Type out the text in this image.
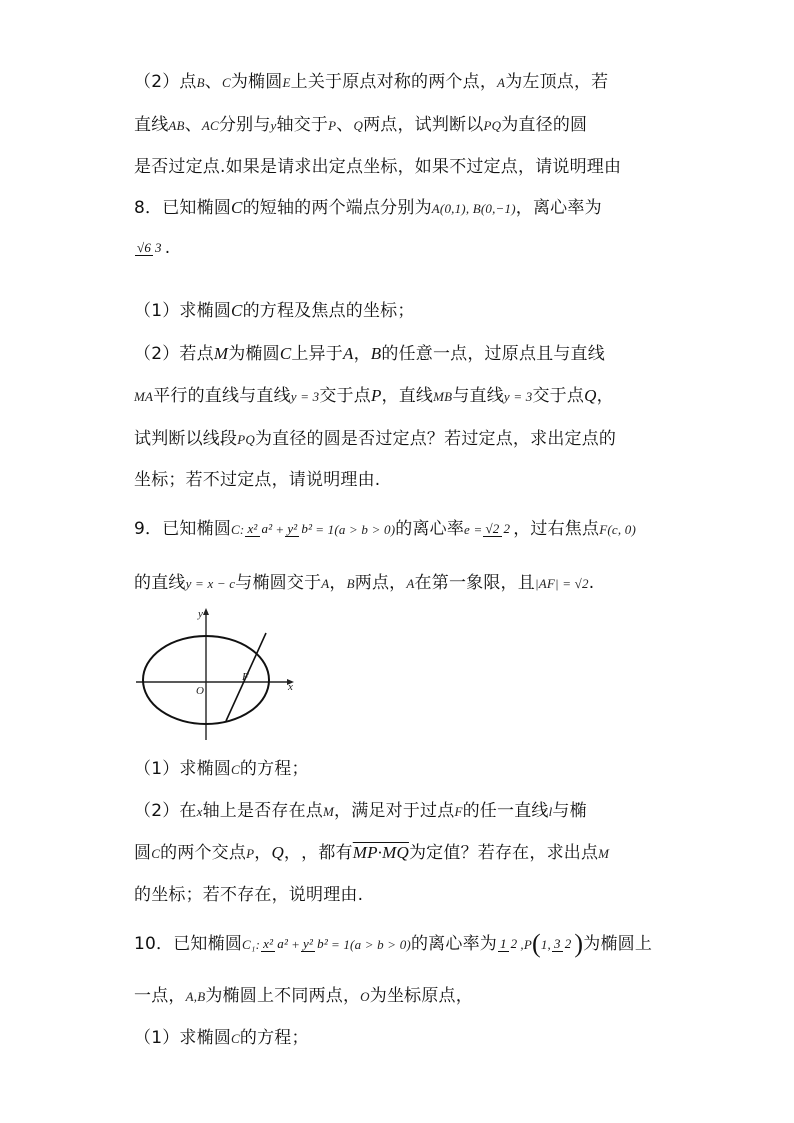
（2）点B、C为椭圆E上关于原点对称的两个点，A为左顶点，若
直线AB、AC分别与y轴交于P、Q两点，试判断以PQ为直径的圆
是否过定点.如果是请求出定点坐标，如果不过定点，请说明理由
8．已知椭圆C的短轴的两个端点分别为A(0,1), B(0,−1)，离心率为
√6 3 .
（1）求椭圆C的方程及焦点的坐标；
（2）若点M为椭圆C上异于A，B的任意一点，过原点且与直线
MA平行的直线与直线y = 3交于点P，直线MB与直线y = 3交于点Q，
试判断以线段PQ为直径的圆是否过定点？若过定点，求出定点的
坐标；若不过定点，请说明理由.
9．已知椭圆C: x² a² + y² b² = 1(a > b > 0)的离心率e = √2 2 ，过右焦点F(c, 0)
的直线y = x − c与椭圆交于A，B两点，A在第一象限，且|AF| = √2.
y
x
O
F
（1）求椭圆C的方程；
（2）在x轴上是否存在点M，满足对于过点F的任一直线l与椭
圆C的两个交点P，Q，，都有MP·MQ为定值？若存在，求出点M
的坐标；若不存在，说明理由.
10．已知椭圆C₁: x² a² + y² b² = 1(a > b > 0)的离心率为 1 2 ,P(1, 3 2 )为椭圆上
一点，A,B为椭圆上不同两点，O为坐标原点，
（1）求椭圆C的方程；
